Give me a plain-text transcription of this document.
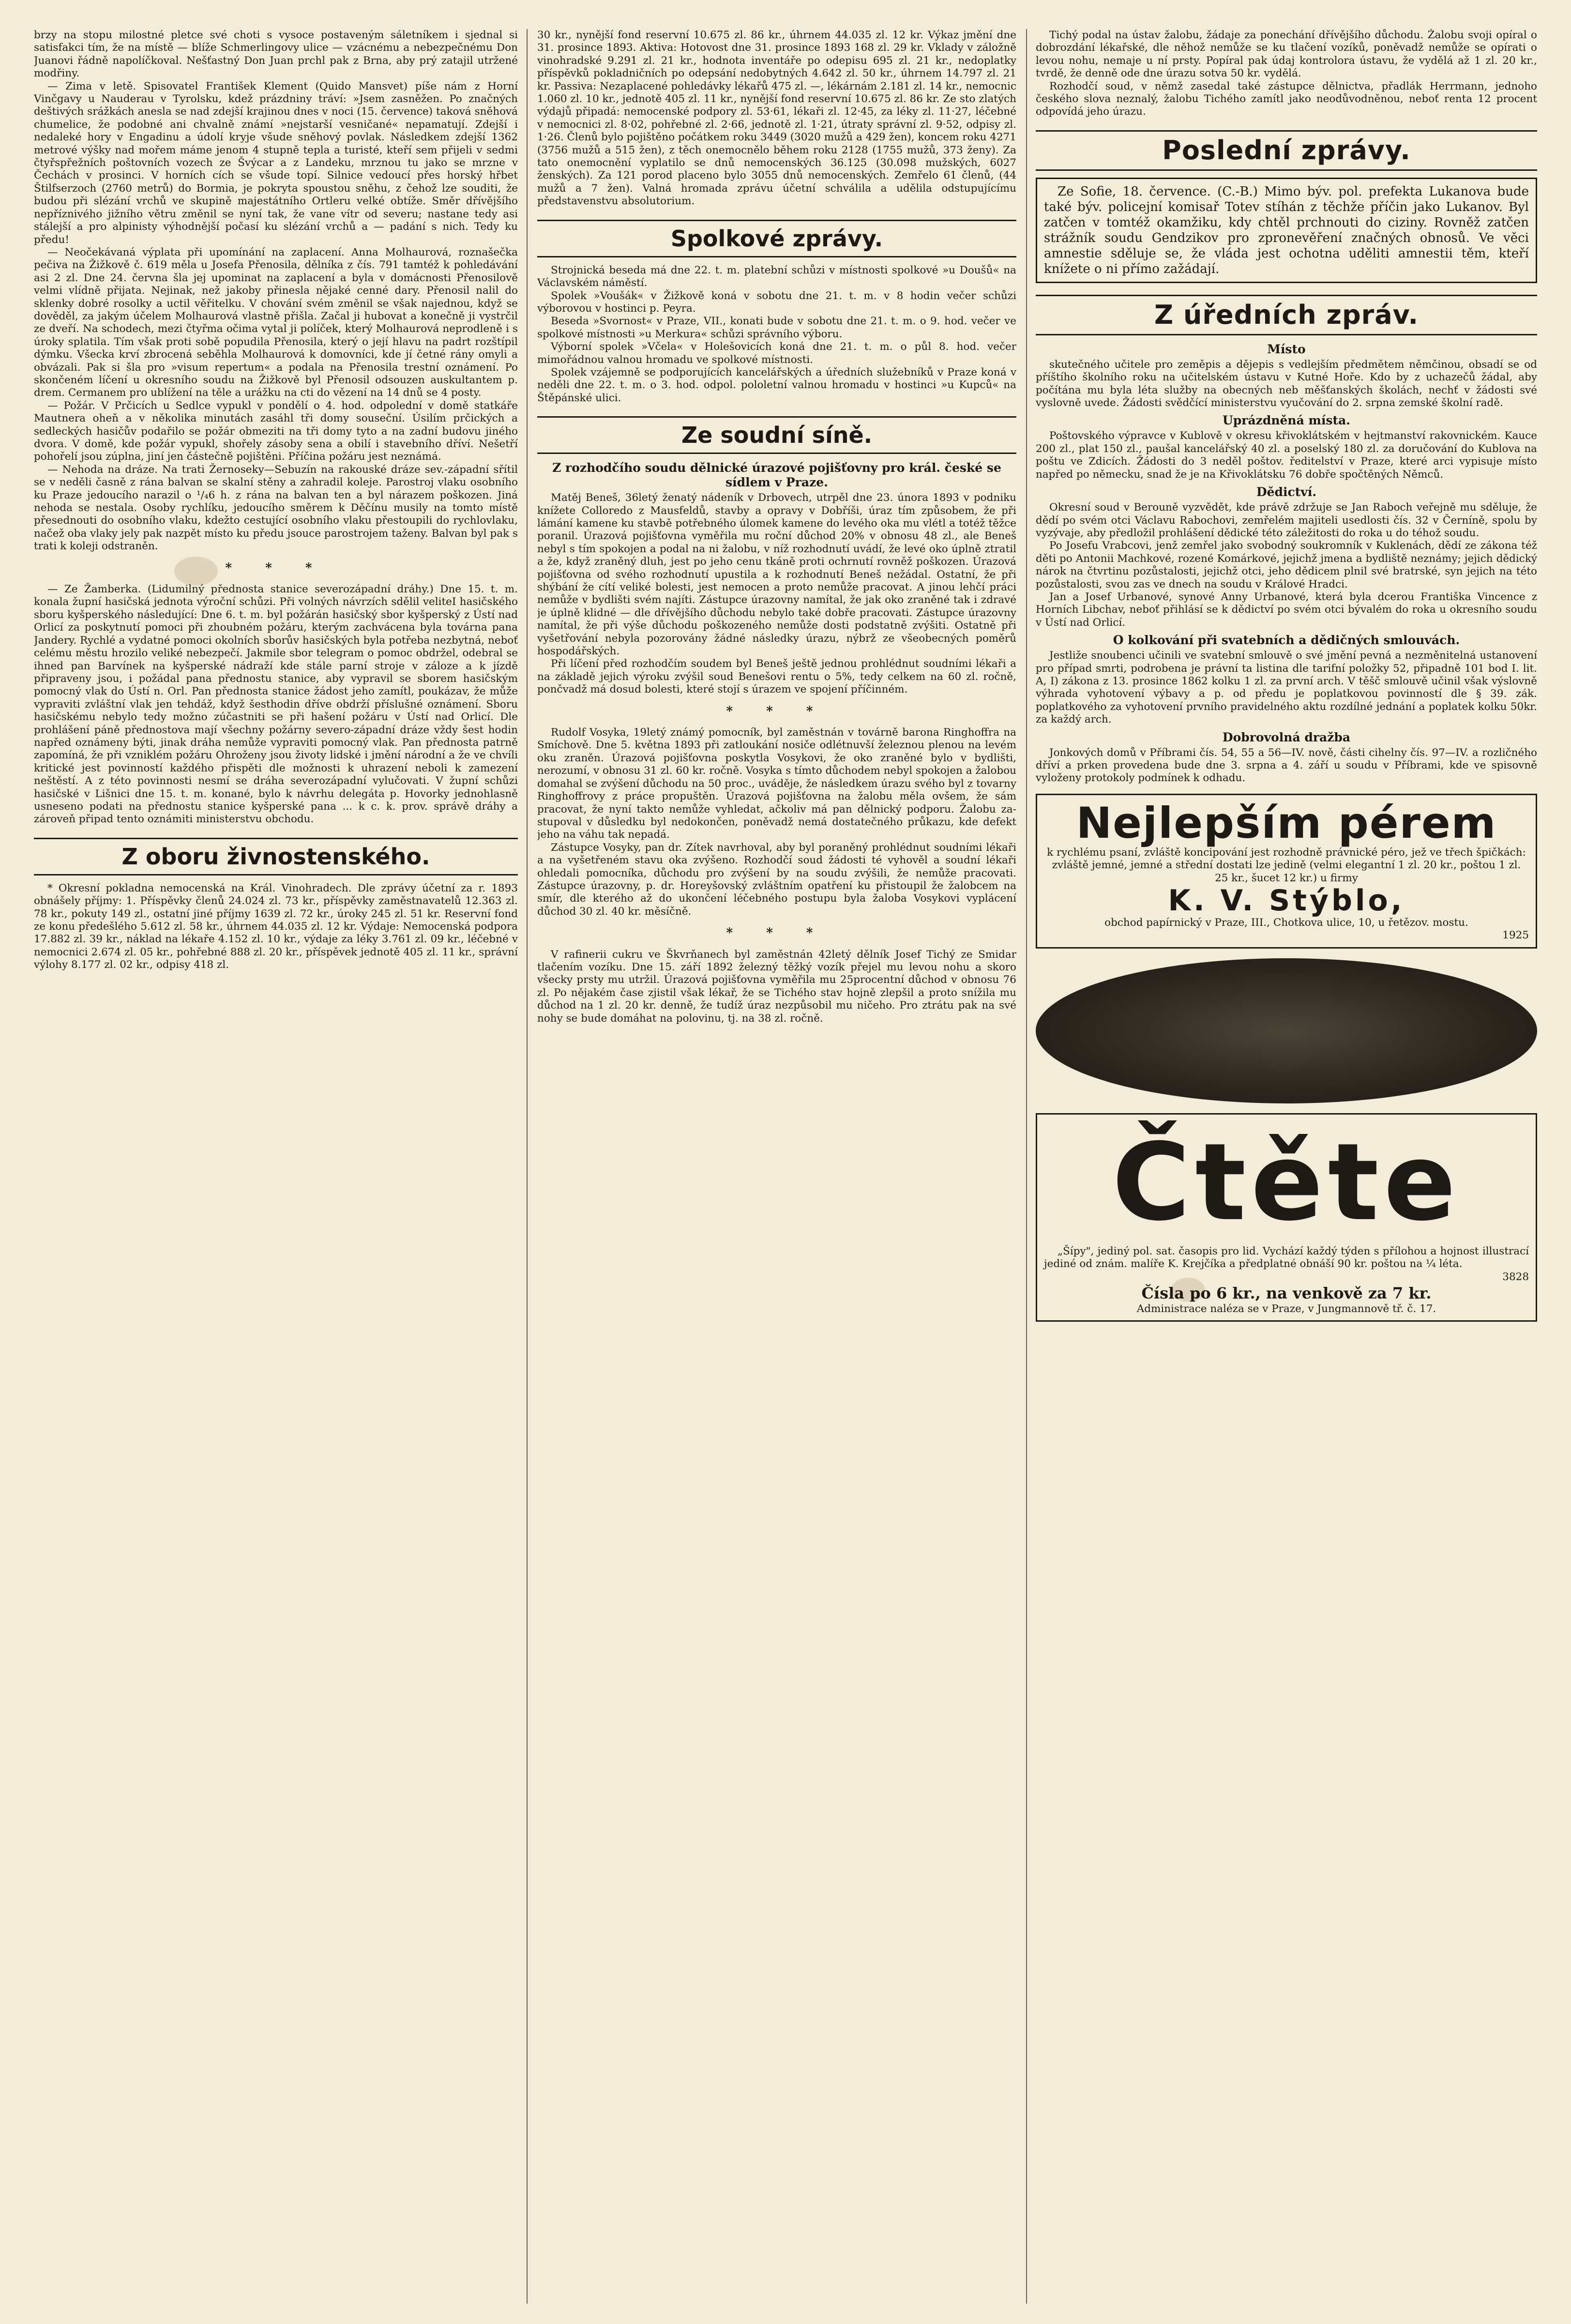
brzy na stopu milostné pletce své choti s vysoce postaveným sáletníkem i sjednal si satisfakci tím, že na místě — blíže Schmerlingovy ulice — vzácnému a nebezpečnému Don Juanovi řádně napolíčkoval. Nešťastný Don Juan prchl pak z Brna, aby prý zatajil utržené modřiny.

— Zima v letě. Spisovatel František Klement (Quido Mansvet) píše nám z Horní Vinčgavy u Nauderau v Tyrolsku, kdež prázdniny tráví: »Jsem zasněžen. Po značných deštivých srážkách anesla se nad zdejší krajinou dnes v noci (15. července) taková sněhová chumelice, že podobné ani chvalně známí »nejstarší vesničané« nepamatují. Zdejší i nedaleké hory v Engadinu a údolí kryje všude sněhový povlak. Následkem zdejší 1362 metrové výšky nad mořem máme jenom 4 stupně tepla a turisté, kteří sem přijeli v sedmi čtyřspřežních poštovních vozech ze Švýcar a z Landeku, mrznou tu jako se mrzne v Čechách v prosinci. V horních cích se všude topí. Silnice vedoucí přes horský hřbet Štilfserzoch (2760 metrů) do Bormia, je pokryta spoustou sněhu, z čehož lze souditi, že budou při slézání vrchů ve skupině majestátního Ortleru velké obtíže. Směr dřívějšího nepříznivého jižního větru změnil se nyní tak, že vane vítr od severu; nastane tedy asi stálejší a pro alpinisty výhodnější počasí ku slézání vrchů a — padání s nich. Tedy ku předu!

— Neočekávaná výplata při upomínání na zaplacení. Anna Molhaurová, roznašečka pečiva na Žižkově č. 619 měla u Josefa Přenosila, dělníka z čís. 791 tamtéž k pohledávání asi 2 zl. Dne 24. června šla jej upominat na zaplacení a byla v domácnosti Přenosilově velmi vlídně přijata. Nejinak, než jakoby přinesla nějaké cenné dary. Přenosil nalil do sklenky dobré rosolky a uctil věřitelku. V chování svém změnil se však najednou, když se dověděl, za jakým účelem Molhaurová vlastně přišla. Začal ji hubovat a konečně ji vystrčil ze dveří. Na schodech, mezi čtyřma očima vytal ji políček, který Molhaurová neprodleně i s úroky splatila. Tím však proti sobě popudila Přenosila, který o její hlavu na padrt rozštípil dýmku. Všecka krví zbrocená seběhla Molhaurová k domovníci, kde jí četné rány omyli a obvázali. Pak si šla pro »visum repertum« a podala na Přenosila trestní oznámení. Po skončeném líčení u okresního soudu na Žižkově byl Přenosil odsouzen auskultantem p. drem. Cermanem pro ublížení na těle a urážku na cti do vězení na 14 dnů se 4 posty.

— Požár. V Prčicích u Sedlce vypukl v pondělí o 4. hod. odpolední v domě statkáře Mautnera oheň a v několika minutách zasáhl tři domy souseční. Úsilím prčických a sedleckých hasičův podařilo se požár obmeziti na tři domy tyto a na zadní budovu jiného dvora. V domě, kde požár vypukl, shořely zásoby sena a obilí i stavebního dříví. Nešetří pohořelí jsou zúplna, jiní jen částečně pojištěni. Příčina požáru jest neznámá.

— Nehoda na dráze. Na trati Žernoseky—Sebuzín na rakouské dráze sev.-západní sřítil se v neděli časně z rána balvan se skalní stěny a zahradil koleje. Parostroj vlaku osobního ku Praze jedoucího narazil o ¹/₄6 h. z rána na balvan ten a byl nárazem poškozen. Jiná nehoda se nestala. Osoby rychlíku, jedoucího směrem k Děčínu musily na tomto místě přesednouti do osobního vlaku, kdežto cestující osobního vlaku přestoupili do rychlovlaku, načež oba vlaky jely pak nazpět místo ku předu jsouce parostrojem taženy. Balvan byl pak s trati k koleji odstraněn.

* * *

— Ze Žamberka. (Lidumilný přednosta stanice severozápadní dráhy.) Dne 15. t. m. konala župní hasičská jednota výroční schůzi. Při volných návrzích sdělil veliteI hasičského sboru kyšperského následující: Dne 6. t. m. byl požárán hasičský sbor kyšperský z Ústí nad Orlicí za poskytnutí pomoci při zhoubném požáru, kterým zachvácena byla továrna pana Jandery. Rychlé a vydatné pomoci okolních sborův hasičských byla potřeba nezbytná, neboť celému městu hrozilo veliké nebezpečí. Jakmile sbor telegram o pomoc obdržel, odebral se ihned pan Barvínek na kyšperské nádraží kde stále parní stroje v záloze a k jízdě připraveny jsou, i požádal pana přednostu stanice, aby vypravil se sborem hasičským pomocný vlak do Ústí n. Orl. Pan přednosta stanice žádost jeho zamítl, poukázav, že může vypraviti zvláštní vlak jen tehdáž, když šesthodin dříve obdrží příslušné oznámení. Sboru hasičskému nebylo tedy možno zúčastniti se při hašení požáru v Ústí nad Orlicí. Dle prohlášení páně přednostova mají všechny požárny severo-západní dráze vždy šest hodin napřed oznámeny býti, jinak dráha nemůže vypraviti pomocný vlak. Pan přednosta patrně zapomíná, že při vzniklém požáru Ohroženy jsou životy lidské i jmění národní a že ve chvíli kritické jest povinností každého přispěti dle možnosti k uhrazení neboli k zamezení neštěstí. A z této povinnosti nesmí se dráha severozápadní vylučovati. V župní schůzi hasičské v Lišnici dne 15. t. m. konané, bylo k návrhu delegáta p. Hovorky jednohlasně usneseno podati na přednostu stanice kyšperské pana ... k c. k. prov. správě dráhy a zároveň připad tento oznámiti ministerstvu obchodu.

Z oboru živnostenského.

* Okresní pokladna nemocenská na Král. Vinohradech. Dle zprávy účetní za r. 1893 obnášely příjmy: 1. Příspěvky členů 24.024 zl. 73 kr., příspěvky zaměstnavatelů 12.363 zl. 78 kr., pokuty 149 zl., ostatní jiné příjmy 1639 zl. 72 kr., úroky 245 zl. 51 kr. Reservní fond ze konu předešlého 5.612 zl. 58 kr., úhrnem 44.035 zl. 12 kr. Výdaje: Nemocenská podpora 17.882 zl. 39 kr., náklad na lékaře 4.152 zl. 10 kr., výdaje za léky 3.761 zl. 09 kr., léčebné v nemocnici 2.674 zl. 05 kr., pohřebné 888 zl. 20 kr., příspěvek jednotě 405 zl. 11 kr., správní výlohy 8.177 zl. 02 kr., odpisy 418 zl.

30 kr., nynější fond reservní 10.675 zl. 86 kr., úhrnem 44.035 zl. 12 kr. Výkaz jmění dne 31. prosince 1893. Aktiva: Hotovost dne 31. prosince 1893 168 zl. 29 kr. Vklady v záložně vinohradské 9.291 zl. 21 kr., hodnota inventáře po odepisu 695 zl. 21 kr., nedoplatky příspěvků pokladničních po odepsání nedobytných 4.642 zl. 50 kr., úhrnem 14.797 zl. 21 kr. Passiva: Nezaplacené pohledávky lékařů 475 zl. —, lékárnám 2.181 zl. 14 kr., nemocnic 1.060 zl. 10 kr., jednotě 405 zl. 11 kr., nynější fond reservní 10.675 zl. 86 kr. Ze sto zlatých výdajů připadá: nemocenské podpory zl. 53·61, lékaři zl. 12·45, za léky zl. 11·27, léčebné v nemocnici zl. 8·02, pohřebné zl. 2·66, jednotě zl. 1·21, útraty správní zl. 9·52, odpisy zl. 1·26. Členů bylo pojištěno počátkem roku 3449 (3020 mužů a 429 žen), koncem roku 4271 (3756 mužů a 515 žen), z těch onemocnělo během roku 2128 (1755 mužů, 373 ženy). Za tato onemocnění vyplatilo se dnů nemocenských 36.125 (30.098 mužských, 6027 ženských). Za 121 porod placeno bylo 3055 dnů nemocenských. Zemřelo 61 členů, (44 mužů a 7 žen). Valná hromada zprávu účetní schválila a udělila odstupujícímu představenstvu absolutorium.

Spolkové zprávy.

Strojnická beseda má dne 22. t. m. platební schůzi v místnosti spolkové »u Doušů« na Václavském náměstí.

Spolek »Voušák« v Žižkově koná v sobotu dne 21. t. m. v 8 hodin večer schůzi výborovou v hostinci p. Peyra.

Beseda »Svornost« v Praze, VII., konati bude v sobotu dne 21. t. m. o 9. hod. večer ve spolkové místnosti »u Merkura« schůzi správního výboru.

Výborní spolek »Včela« v Holešovicích koná dne 21. t. m. o půl 8. hod. večer mimořádnou valnou hromadu ve spolkové místnosti.

Spolek vzájemně se podporujících kancelářských a úředních služebníků v Praze koná v neděli dne 22. t. m. o 3. hod. odpol. pololetní valnou hromadu v hostinci »u Kupců« na Štěpánské ulici.

Ze soudní síně.

Z rozhodčího soudu dělnické úrazové pojišťovny pro král. české se sídlem v Praze.

Matěj Beneš, 36letý ženatý nádeník v Drbovech, utrpěl dne 23. února 1893 v podniku knížete Colloredo z Mausfeldů, stavby a opravy v Dobříši, úraz tím způsobem, že při lámání kamene ku stavbě potřebného úlomek kamene do levého oka mu vlétl a totéž těžce poranil. Úrazová pojišťovna vyměřila mu roční důchod 20% v obnosu 48 zl., ale Beneš nebyl s tím spokojen a podal na ni žalobu, v níž rozhodnutí uvádí, že levé oko úplně ztratil a že, když zraněný dluh, jest po jeho cenu tkáně proti ochrnutí rovněž poškozen. Úrazová pojišťovna od svého rozhodnutí upustila a k rozhodnutí Beneš nežádal. Ostatní, že při shýbání že cítí veliké bolesti, jest nemocen a proto nemůže pracovat. A jinou lehčí práci nemůže v bydlišti svém najíti. Zástupce úrazovny namítal, že jak oko zraněné tak i zdravé je úplně klidné — dle dřívějšího důchodu nebylo také dobře pracovati. Zástupce úrazovny namítal, že při výše důchodu poškozeného nemůže dosti podstatně zvýšiti. Ostatně při vyšetřování nebyla pozorovány žádné následky úrazu, nýbrž ze všeobecných poměrů hospodářských.

Při líčení před rozhodčím soudem byl Beneš ještě jednou prohlédnut soudními lékaři a na základě jejich výroku zvýšil soud Benešovi rentu o 5%, tedy celkem na 60 zl. ročně, pončvadž má dosud bolesti, které stojí s úrazem ve spojení příčinném.

* * *

Rudolf Vosyka, 19letý známý pomocník, byl zaměstnán v továrně barona Ringhoffra na Smíchově. Dne 5. května 1893 při zatloukání nosiče odlétnuvší železnou plenou na levém oku zraněn. Úrazová pojišťovna poskytla Vosykovi, že oko zraněné bylo v bydlišti, nerozumí, v obnosu 31 zl. 60 kr. ročně. Vosyka s tímto důchodem nebyl spokojen a žalobou domahal se zvýšení důchodu na 50 proc., uváděje, že následkem úrazu svého byl z tovarny Ringhoffrovy z práce propuštěn. Úrazová pojišťovna na žalobu měla ovšem, že sám pracovat, že nyní takto nemůže vyhledat, ačkoliv má pan dělnický podporu. Žalobu zastupoval v důsledku byl nedokončen, poněvadž nemá dostatečného průkazu, kde defekt jeho na váhu tak nepadá.

Zástupce Vosyky, pan dr. Zítek navrhoval, aby byl poraněný prohlédnut soudními lékaři a na vyšetřeném stavu oka zvýšeno. Rozhodčí soud žádosti té vyhověl a soudní lékaři ohledali pomocníka, důchodu pro zvýšení by na soudu zvýšili, že nemůže pracovati. Zástupce úrazovny, p. dr. Horeyšovský zvláštním opatření ku přistoupil že žalobcem na smír, dle kterého až do ukončení léčebného postupu byla žaloba Vosykovi vyplácení důchod 30 zl. 40 kr. měsíčně.

* * *

V rafinerii cukru ve Škvrňanech byl zaměstnán 42letý dělník Josef Tichý ze Smidar tlačením vozíku. Dne 15. září 1892 železný těžký vozík přejel mu levou nohu a skoro všecky prsty mu utržil. Úrazová pojišťovna vyměřila mu 25procentní důchod v obnosu 76 zl. Po nějakém čase zjistil však lékař, že se Tichého stav hojně zlepšil a proto snížila mu důchod na 1 zl. 20 kr. denně, že tudíž úraz nezpůsobil mu ničeho. Pro ztrátu pak na své nohy se bude domáhat na polovinu, tj. na 38 zl. ročně.

Tichý podal na ústav žalobu, žádaje za ponechání dřívějšího důchodu. Žalobu svoji opíral o dobrozdání lékařské, dle něhož nemůže se ku tlačení vozíků, poněvadž nemůže se opírati o levou nohu, nemaje u ní prsty. Popíral pak údaj kontrolora ústavu, že vydělá až 1 zl. 20 kr., tvrdě, že denně ode dne úrazu sotva 50 kr. vydělá.

Rozhodčí soud, v němž zasedal také zástupce dělnictva, přadlák Herrmann, jednoho českého slova neznalý, žalobu Tichého zamítl jako neodůvodněnou, neboť renta 12 procent odpovídá jeho úrazu.

Poslední zprávy.

Ze Sofie, 18. července. (C.-B.) Mimo býv. pol. prefekta Lukanova bude také býv. policejní komisař Totev stíhán z těchže příčin jako Lukanov. Byl zatčen v tomtéž okamžiku, kdy chtěl prchnouti do ciziny. Rovněž zatčen strážník soudu Gendzikov pro zpronevěření značných obnosů. Ve věci amnestie sděluje se, že vláda jest ochotna uděliti amnestii těm, kteří knížete o ni přímo zažádají.

Z úředních zpráv.

Místo

skutečného učitele pro zeměpis a dějepis s vedlejším předmětem němčinou, obsadí se od příštího školního roku na učitelském ústavu v Kutné Hoře. Kdo by z uchazečů žádal, aby počítána mu byla léta služby na obecných neb měšťanských školách, nechť v žádosti své vyslovně uvede. Žádosti svědčící ministerstvu vyučování do 2. srpna zemské školní radě.

Uprázdněná místa.

Poštovského výpravce v Kublově v okresu křivoklátském v hejtmanství rakovnickém. Kauce 200 zl., plat 150 zl., paušal kancelářský 40 zl. a poselský 180 zl. za doručování do Kublova na poštu ve Zdicích. Žádosti do 3 neděl poštov. ředitelství v Praze, které arci vypisuje místo napřed po německu, snad že je na Křivoklátsku 76 dobře spočtěných Němců.

Dědictví.

Okresní soud v Berouně vyzvědět, kde právě zdržuje se Jan Raboch veřejně mu sděluje, že dědí po svém otci Václavu Rabochovi, zemřelém majiteli usedlosti čís. 32 v Černíně, spolu by vyzývaje, aby předložil prohlášení dědické této záležitosti do roka u do téhož soudu.

Po Josefu Vrabcovi, jenž zemřel jako svobodný soukromník v Kuklenách, dědí ze zákona též děti po Antonii Machkové, rozené Komárkové, jejichž jmena a bydliště neznámy; jejich dědický nárok na čtvrtinu pozůstalosti, jejichž otci, jeho dědicem plnil své bratrské, syn jejich na této pozůstalosti, svou zas ve dnech na soudu v Králové Hradci.

Jan a Josef Urbanové, synové Anny Urbanové, která byla dcerou Františka Vincence z Horních Libchav, neboť přihlásí se k dědictví po svém otci bývalém do roka u okresního soudu v Ústí nad Orlicí.

O kolkování při svatebních a dědičných smlouvách.

Jestliže snoubenci učinili ve svatební smlouvě o své jmění pevná a nezměnitelná ustanovení pro případ smrti, podrobena je právní ta listina dle tarifní položky 52, připadně 101 bod I. lit. A, I) zákona z 13. prosince 1862 kolku 1 zl. za první arch. V těšč smlouvě učinil však výslovně výhrada vyhotovení výbavy a p. od předu je poplatkovou povinností dle § 39. zák. poplatkového za vyhotovení prvního pravidelného aktu rozdílné jednání a poplatek kolku 50kr. za každý arch.

Dobrovolná dražba

Jonkových domů v Příbrami čís. 54, 55 a 56—IV. nově, části cihelny čís. 97—IV. a rozličného dříví a prken provedena bude dne 3. srpna a 4. září u soudu v Příbrami, kde ve spisovně vyloženy protokoly podmínek k odhadu.

Nejlepším pérem

k rychlému psaní, zvláště koncipování jest rozhodně právnické péro, jež ve třech špičkách: zvláště jemné, jemné a střední dostati lze jedině (velmi elegantní 1 zl. 20 kr., poštou 1 zl. 25 kr., šucet 12 kr.) u firmy

K. V. Stýblo,

obchod papírnický v Praze, III., Chotkova ulice, 10, u řetězov. mostu.

1925

Čtěte

„Šípy", jediný pol. sat. časopis pro lid. Vychází každý týden s přílohou a hojnost illustrací jediné od znám. malíře K. Krejčíka a předplatné obnáší 90 kr. poštou na ¼ léta.

3828

Čísla po 6 kr., na venkově za 7 kr.

Administrace naléza se v Praze, v Jungmannově tř. č. 17.
